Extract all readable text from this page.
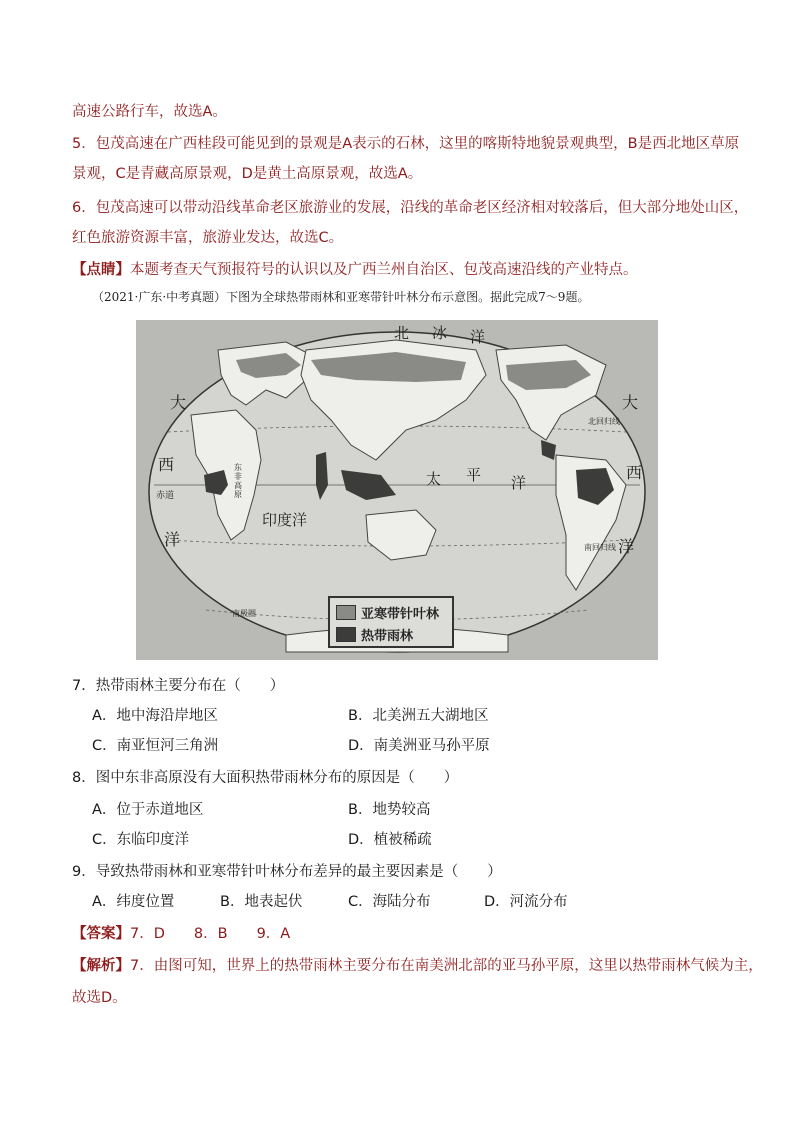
高速公路行车，故选A。
5．包茂高速在广西桂段可能见到的景观是A表示的石林，这里的喀斯特地貌景观典型，B是西北地区草原
景观，C是青藏高原景观，D是黄土高原景观，故选A。
6．包茂高速可以带动沿线革命老区旅游业的发展，沿线的革命老区经济相对较落后，但大部分地处山区，
红色旅游资源丰富，旅游业发达，故选C。
【点睛】本题考查天气预报符号的认识以及广西兰州自治区、包茂高速沿线的产业特点。
（2021·广东·中考真题）下图为全球热带雨林和亚寒带针叶林分布示意图。据此完成7～9题。
北 冰 洋
大
西
洋
大
西
洋
太 平 洋
印度洋
赤道
北回归线
南回归线
南极圈
东
非
高
原
亚寒带针叶林
热带雨林
7．热带雨林主要分布在（　　）
A．地中海沿岸地区	B．北美洲五大湖地区
C．南亚恒河三角洲	D．南美洲亚马孙平原
8．图中东非高原没有大面积热带雨林分布的原因是（　　）
A．位于赤道地区	B．地势较高
C．东临印度洋	D．植被稀疏
9．导致热带雨林和亚寒带针叶林分布差异的最主要因素是（　　）
A．纬度位置	B．地表起伏	C．海陆分布	D．河流分布
【答案】7．D　　8．B　　9．A
【解析】7．由图可知，世界上的热带雨林主要分布在南美洲北部的亚马孙平原，这里以热带雨林气候为主，
故选D。
